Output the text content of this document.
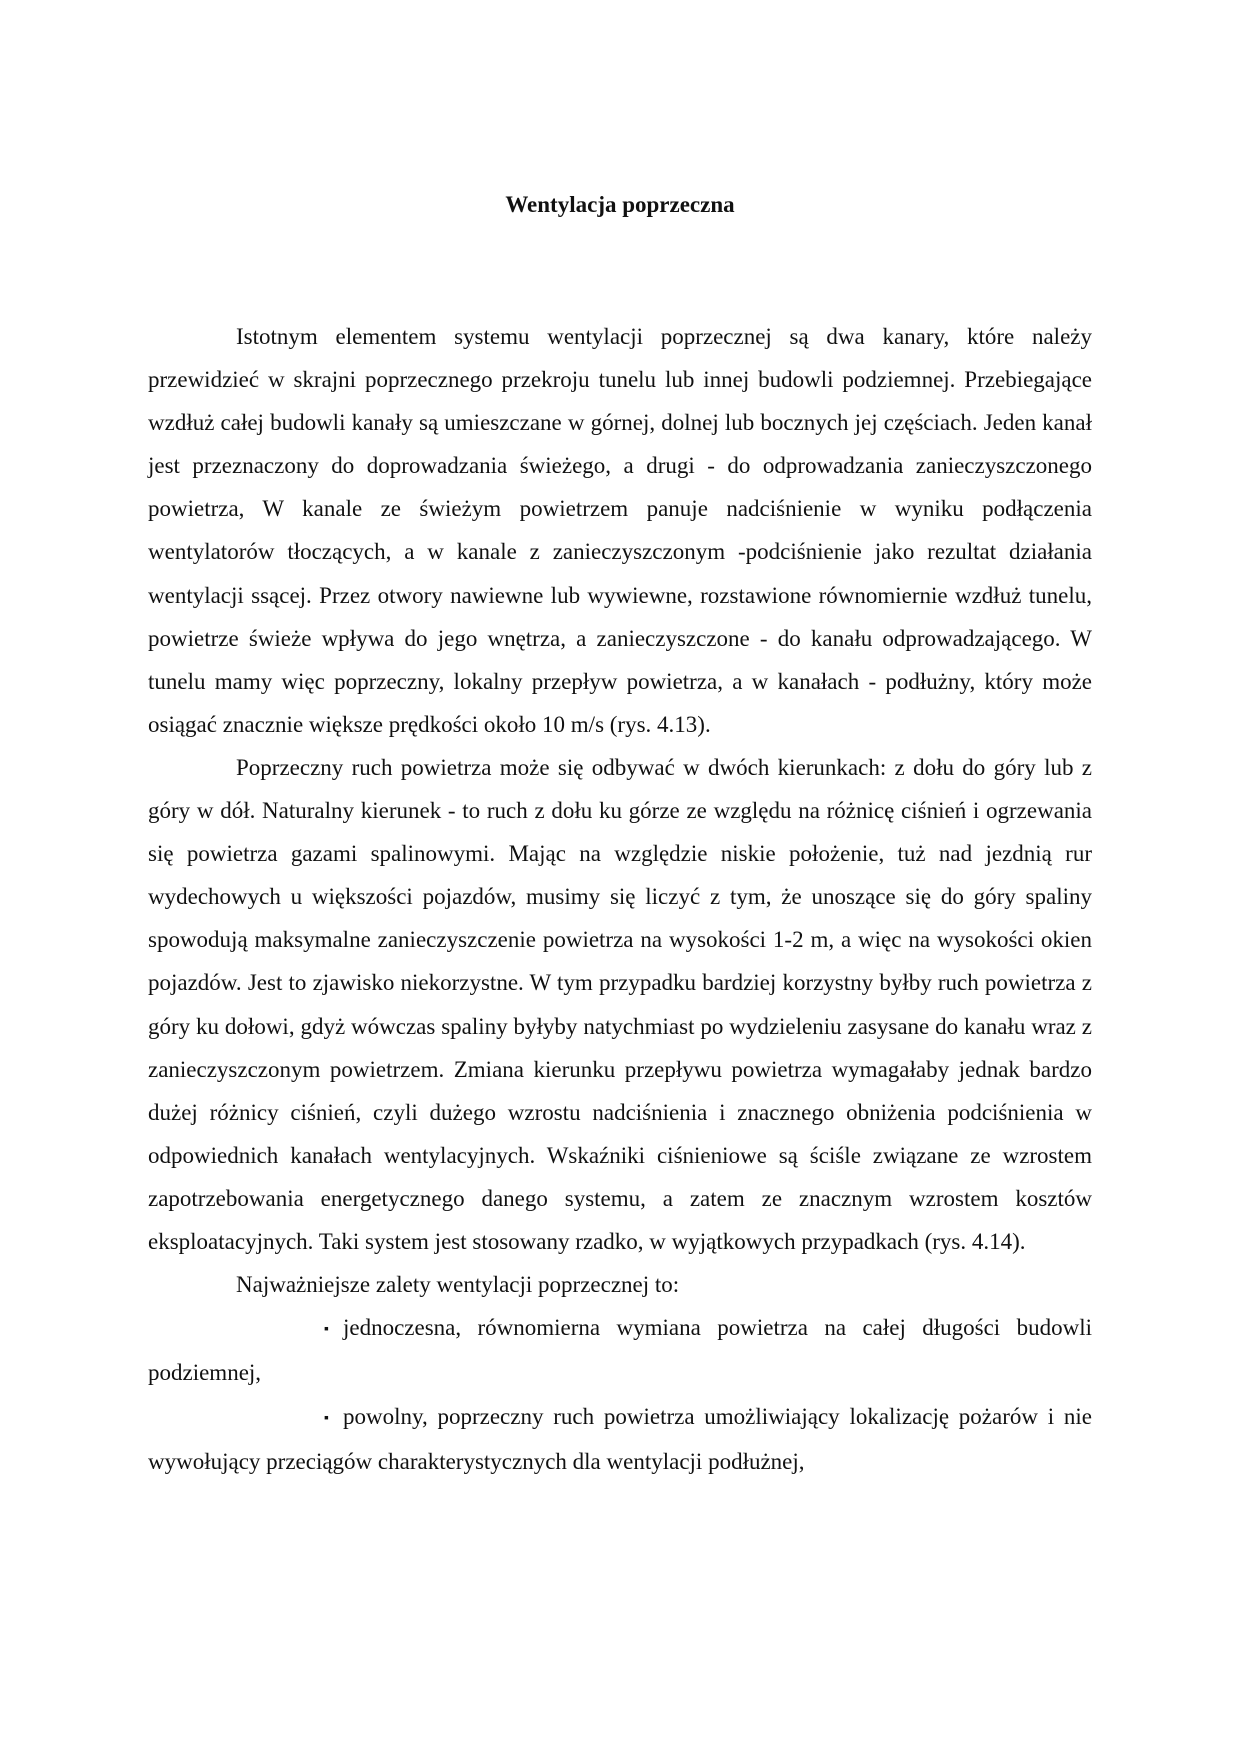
Wentylacja poprzeczna

Istotnym elementem systemu wentylacji poprzecznej są dwa kanary, które należy przewidzieć w skrajni poprzecznego przekroju tunelu lub innej budowli podziemnej. Przebiegające wzdłuż całej budowli kanały są umieszczane w górnej, dolnej lub bocznych jej częściach. Jeden kanał jest przeznaczony do doprowadzania świeżego, a drugi - do odprowadzania zanieczyszczonego powietrza, W kanale ze świeżym powietrzem panuje nadciśnienie w wyniku podłączenia wentylatorów tłoczących, a w kanale z zanieczyszczonym -podciśnienie jako rezultat działania wentylacji ssącej. Przez otwory nawiewne lub wywiewne, rozstawione równomiernie wzdłuż tunelu, powietrze świeże wpływa do jego wnętrza, a zanieczyszczone - do kanału odprowadzającego. W tunelu mamy więc poprzeczny, lokalny przepływ powietrza, a w kanałach - podłużny, który może osiągać znacznie większe prędkości około 10 m/s (rys. 4.13).

Poprzeczny ruch powietrza może się odbywać w dwóch kierunkach: z dołu do góry lub z góry w dół. Naturalny kierunek - to ruch z dołu ku górze ze względu na różnicę ciśnień i ogrzewania się powietrza gazami spalinowymi. Mając na względzie niskie położenie, tuż nad jezdnią rur wydechowych u większości pojazdów, musimy się liczyć z tym, że unoszące się do góry spaliny spowodują maksymalne zanieczyszczenie powietrza na wysokości 1-2 m, a więc na wysokości okien pojazdów. Jest to zjawisko niekorzystne. W tym przypadku bardziej korzystny byłby ruch powietrza z góry ku dołowi, gdyż wówczas spaliny byłyby natychmiast po wydzieleniu zasysane do kanału wraz z zanieczyszczonym powietrzem. Zmiana kierunku przepływu powietrza wymagałaby jednak bardzo dużej różnicy ciśnień, czyli dużego wzrostu nadciśnienia i znacznego obniżenia podciśnienia w odpowiednich kanałach wentylacyjnych. Wskaźniki ciśnieniowe są ściśle związane ze wzrostem zapotrzebowania energetycznego danego systemu, a zatem ze znacznym wzrostem kosztów eksploatacyjnych. Taki system jest stosowany rzadko, w wyjątkowych przypadkach (rys. 4.14).

Najważniejsze zalety wentylacji poprzecznej to:

▪ jednoczesna, równomierna wymiana powietrza na całej długości budowli podziemnej,

▪ powolny, poprzeczny ruch powietrza umożliwiający lokalizację pożarów i nie wywołujący przeciągów charakterystycznych dla wentylacji podłużnej,
